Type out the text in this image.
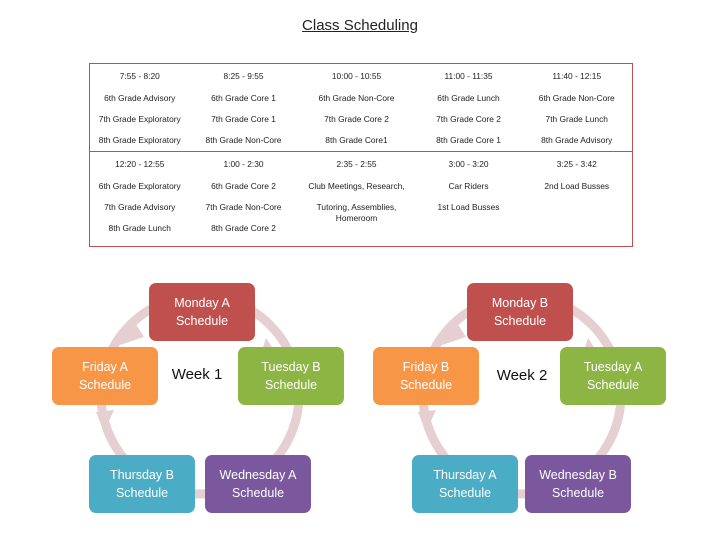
Class Scheduling
7:55 - 8:20	8:25 - 9:55	10:00 - 10:55	11:00 - 11:35	11:40 - 12:15
6th Grade Advisory	6th Grade Core 1	6th Grade Non-Core	6th Grade Lunch	6th Grade Non-Core
7th Grade Exploratory	7th Grade Core 1	7th Grade Core 2	7th Grade Core 2	7th Grade Lunch
8th Grade Exploratory	8th Grade Non-Core	8th Grade Core1	8th Grade Core 1	8th Grade Advisory
12:20 - 12:55	1:00 - 2:30	2:35 - 2:55	3:00 - 3:20	3:25 - 3:42
6th Grade Exploratory	6th Grade Core 2	Club Meetings, Research,	Car Riders	2nd Load Busses
7th Grade Advisory	7th Grade Non-Core	Tutoring, Assemblies, Homeroom	1st Load Busses	
8th Grade Lunch	8th Grade Core 2			
Monday A Schedule
Friday A Schedule
Tuesday B Schedule
Thursday B Schedule
Wednesday A Schedule
Week 1
Monday B Schedule
Friday B Schedule
Tuesday A Schedule
Thursday A Schedule
Wednesday B Schedule
Week 2
